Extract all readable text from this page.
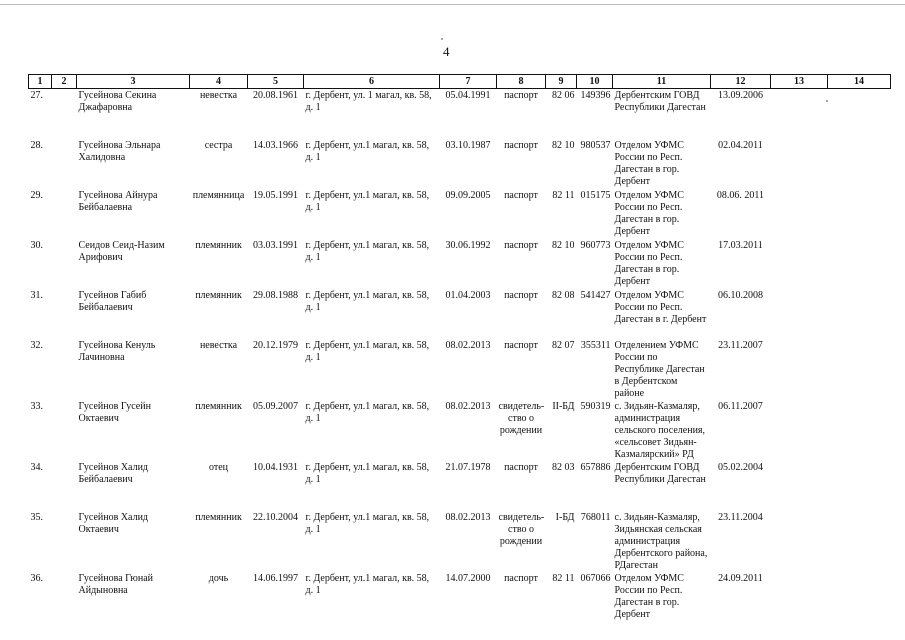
4
1	2	3	4	5	6	7	8	9	10	11	12	13	14
27.		Гусейнова Секина Джафаровна	невестка	20.08.1961	г. Дербент, ул. 1 магал, кв. 58, д. 1	05.04.1991	паспорт	82 06	149396	Дербентским ГОВД Республики Дагестан	13.09.2006		
28.		Гусейнова Эльнара Халидовна	сестра	14.03.1966	г. Дербент, ул.1 магал, кв. 58, д. 1	03.10.1987	паспорт	82 10	980537	Отделом УФМС России по Респ. Дагестан в гор. Дербент	02.04.2011		
29.		Гусейнова Айнура Бейбалаевна	племянница	19.05.1991	г. Дербент, ул.1 магал, кв. 58, д. 1	09.09.2005	паспорт	82 11	015175	Отделом УФМС России по Респ. Дагестан в гор. Дербент	08.06. 2011		
30.		Сеидов Сеид-Назим Арифович	племянник	03.03.1991	г. Дербент, ул.1 магал, кв. 58, д. 1	30.06.1992	паспорт	82 10	960773	Отделом УФМС России по Респ. Дагестан в гор. Дербент	17.03.2011		
31.		Гусейнов Габиб Бейбалаевич	племянник	29.08.1988	г. Дербент, ул.1 магал, кв. 58, д. 1	01.04.2003	паспорт	82 08	541427	Отделом УФМС России по Респ. Дагестан в г. Дербент	06.10.2008		
32.		Гусейнова Кенуль Лачиновна	невестка	20.12.1979	г. Дербент, ул.1 магал, кв. 58, д. 1	08.02.2013	паспорт	82 07	355311	Отделением УФМС России по Республике Дагестан в Дербентском районе	23.11.2007		
33.		Гусейнов Гусейн Октаевич	племянник	05.09.2007	г. Дербент, ул.1 магал, кв. 58, д. 1	08.02.2013	свидетель-ство о рождении	II-БД	590319	с. Зидьян-Казмаляр, администрация сельского поселения, «сельсовет Зидьян-Казмалярский» РД	06.11.2007		
34.		Гусейнов Халид Бейбалаевич	отец	10.04.1931	г. Дербент, ул.1 магал, кв. 58, д. 1	21.07.1978	паспорт	82 03	657886	Дербентским ГОВД Республики Дагестан	05.02.2004		
35.		Гусейнов Халид Октаевич	племянник	22.10.2004	г. Дербент, ул.1 магал, кв. 58, д. 1	08.02.2013	свидетель-ство о рождении	I-БД	768011	с. Зидьян-Казмаляр, Зидьянская сельская администрация Дербентского района, РДагестан	23.11.2004		
36.		Гусейнова Гюнай Айдыновна	дочь	14.06.1997	г. Дербент, ул.1 магал, кв. 58, д. 1	14.07.2000	паспорт	82 11	067066	Отделом УФМС России по Респ. Дагестан в гор. Дербент	24.09.2011		
